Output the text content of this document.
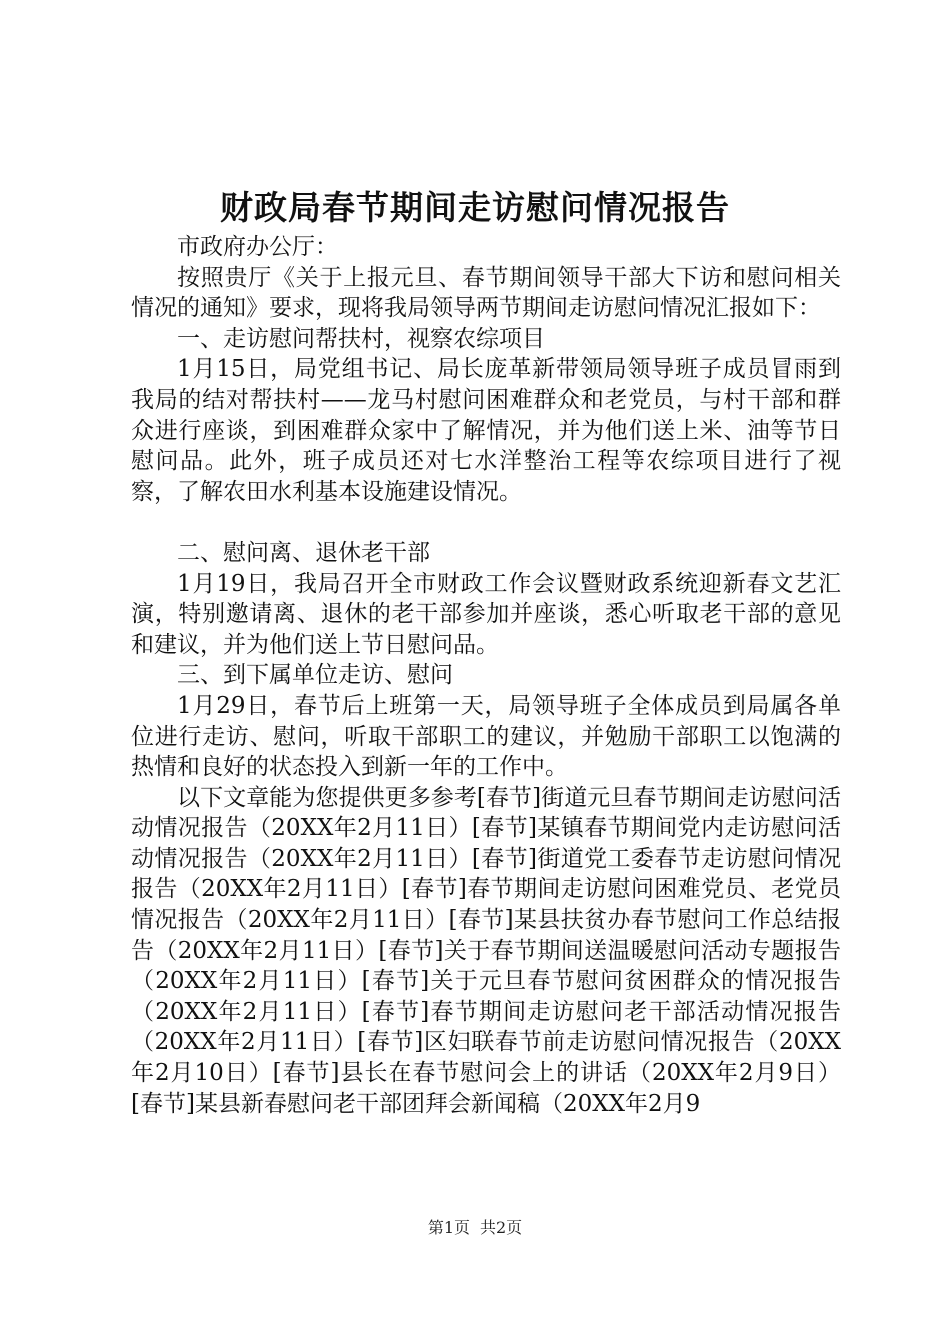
财政局春节期间走访慰问情况报告

市政府办公厅：

按照贵厅《关于上报元旦、春节期间领导干部大下访和慰问相关情况的通知》要求，现将我局领导两节期间走访慰问情况汇报如下：

一、走访慰问帮扶村，视察农综项目

1月15日，局党组书记、局长庞革新带领局领导班子成员冒雨到我局的结对帮扶村——龙马村慰问困难群众和老党员，与村干部和群众进行座谈，到困难群众家中了解情况，并为他们送上米、油等节日慰问品。此外，班子成员还对七水洋整治工程等农综项目进行了视察，了解农田水利基本设施建设情况。

二、慰问离、退休老干部

1月19日，我局召开全市财政工作会议暨财政系统迎新春文艺汇演，特别邀请离、退休的老干部参加并座谈，悉心听取老干部的意见和建议，并为他们送上节日慰问品。

三、到下属单位走访、慰问

1月29日，春节后上班第一天，局领导班子全体成员到局属各单位进行走访、慰问，听取干部职工的建议，并勉励干部职工以饱满的热情和良好的状态投入到新一年的工作中。

以下文章能为您提供更多参考[春节]街道元旦春节期间走访慰问活动情况报告（20XX年2月11日）[春节]某镇春节期间党内走访慰问活动情况报告（20XX年2月11日）[春节]街道党工委春节走访慰问情况报告（20XX年2月11日）[春节]春节期间走访慰问困难党员、老党员情况报告（20XX年2月11日）[春节]某县扶贫办春节慰问工作总结报告（20XX年2月11日）[春节]关于春节期间送温暖慰问活动专题报告（20XX年2月11日）[春节]关于元旦春节慰问贫困群众的情况报告（20XX年2月11日）[春节]春节期间走访慰问老干部活动情况报告（20XX年2月11日）[春节]区妇联春节前走访慰问情况报告（20XX年2月10日）[春节]县长在春节慰问会上的讲话（20XX年2月9日）[春节]某县新春慰问老干部团拜会新闻稿（20XX年2月9

第1页 共2页
